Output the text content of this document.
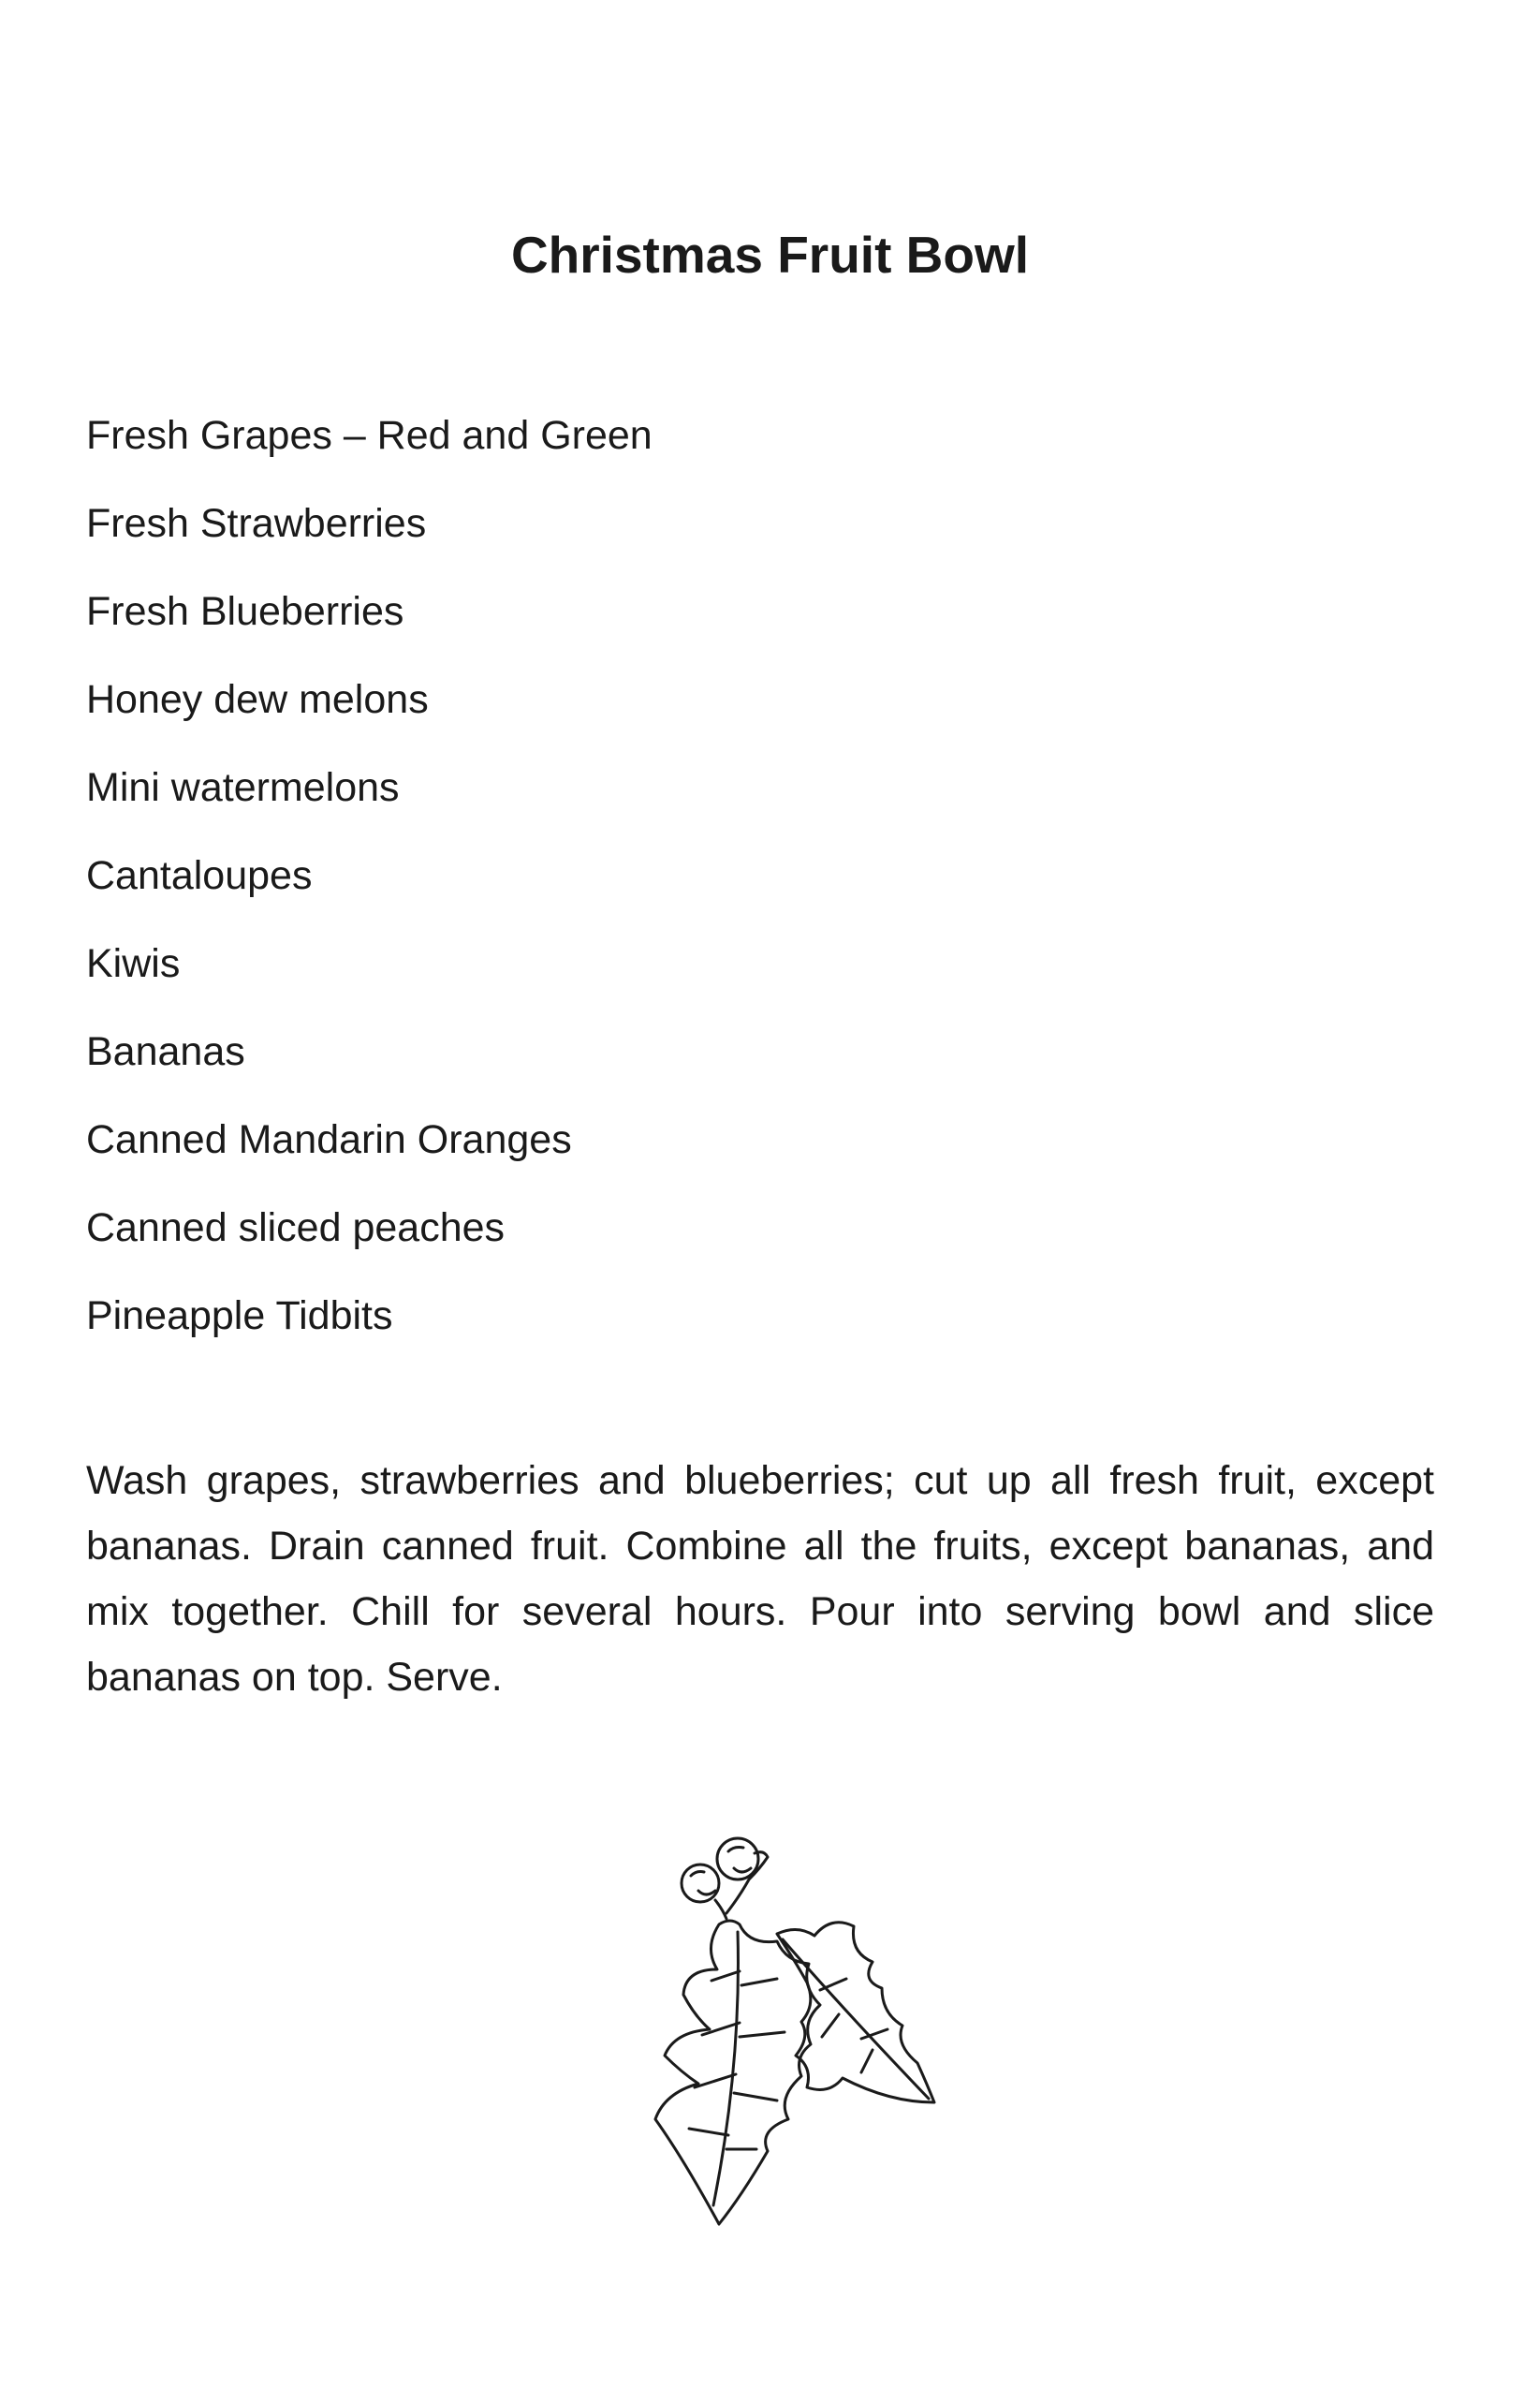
Christmas Fruit Bowl
Fresh Grapes – Red and Green
Fresh Strawberries
Fresh Blueberries
Honey dew melons
Mini watermelons
Cantaloupes
Kiwis
Bananas
Canned Mandarin Oranges
Canned sliced peaches
Pineapple Tidbits

Wash grapes, strawberries and blueberries; cut up all fresh fruit, except bananas. Drain canned fruit. Combine all the fruits, except bananas, and mix together. Chill for several hours. Pour into serving bowl and slice bananas on top. Serve.
